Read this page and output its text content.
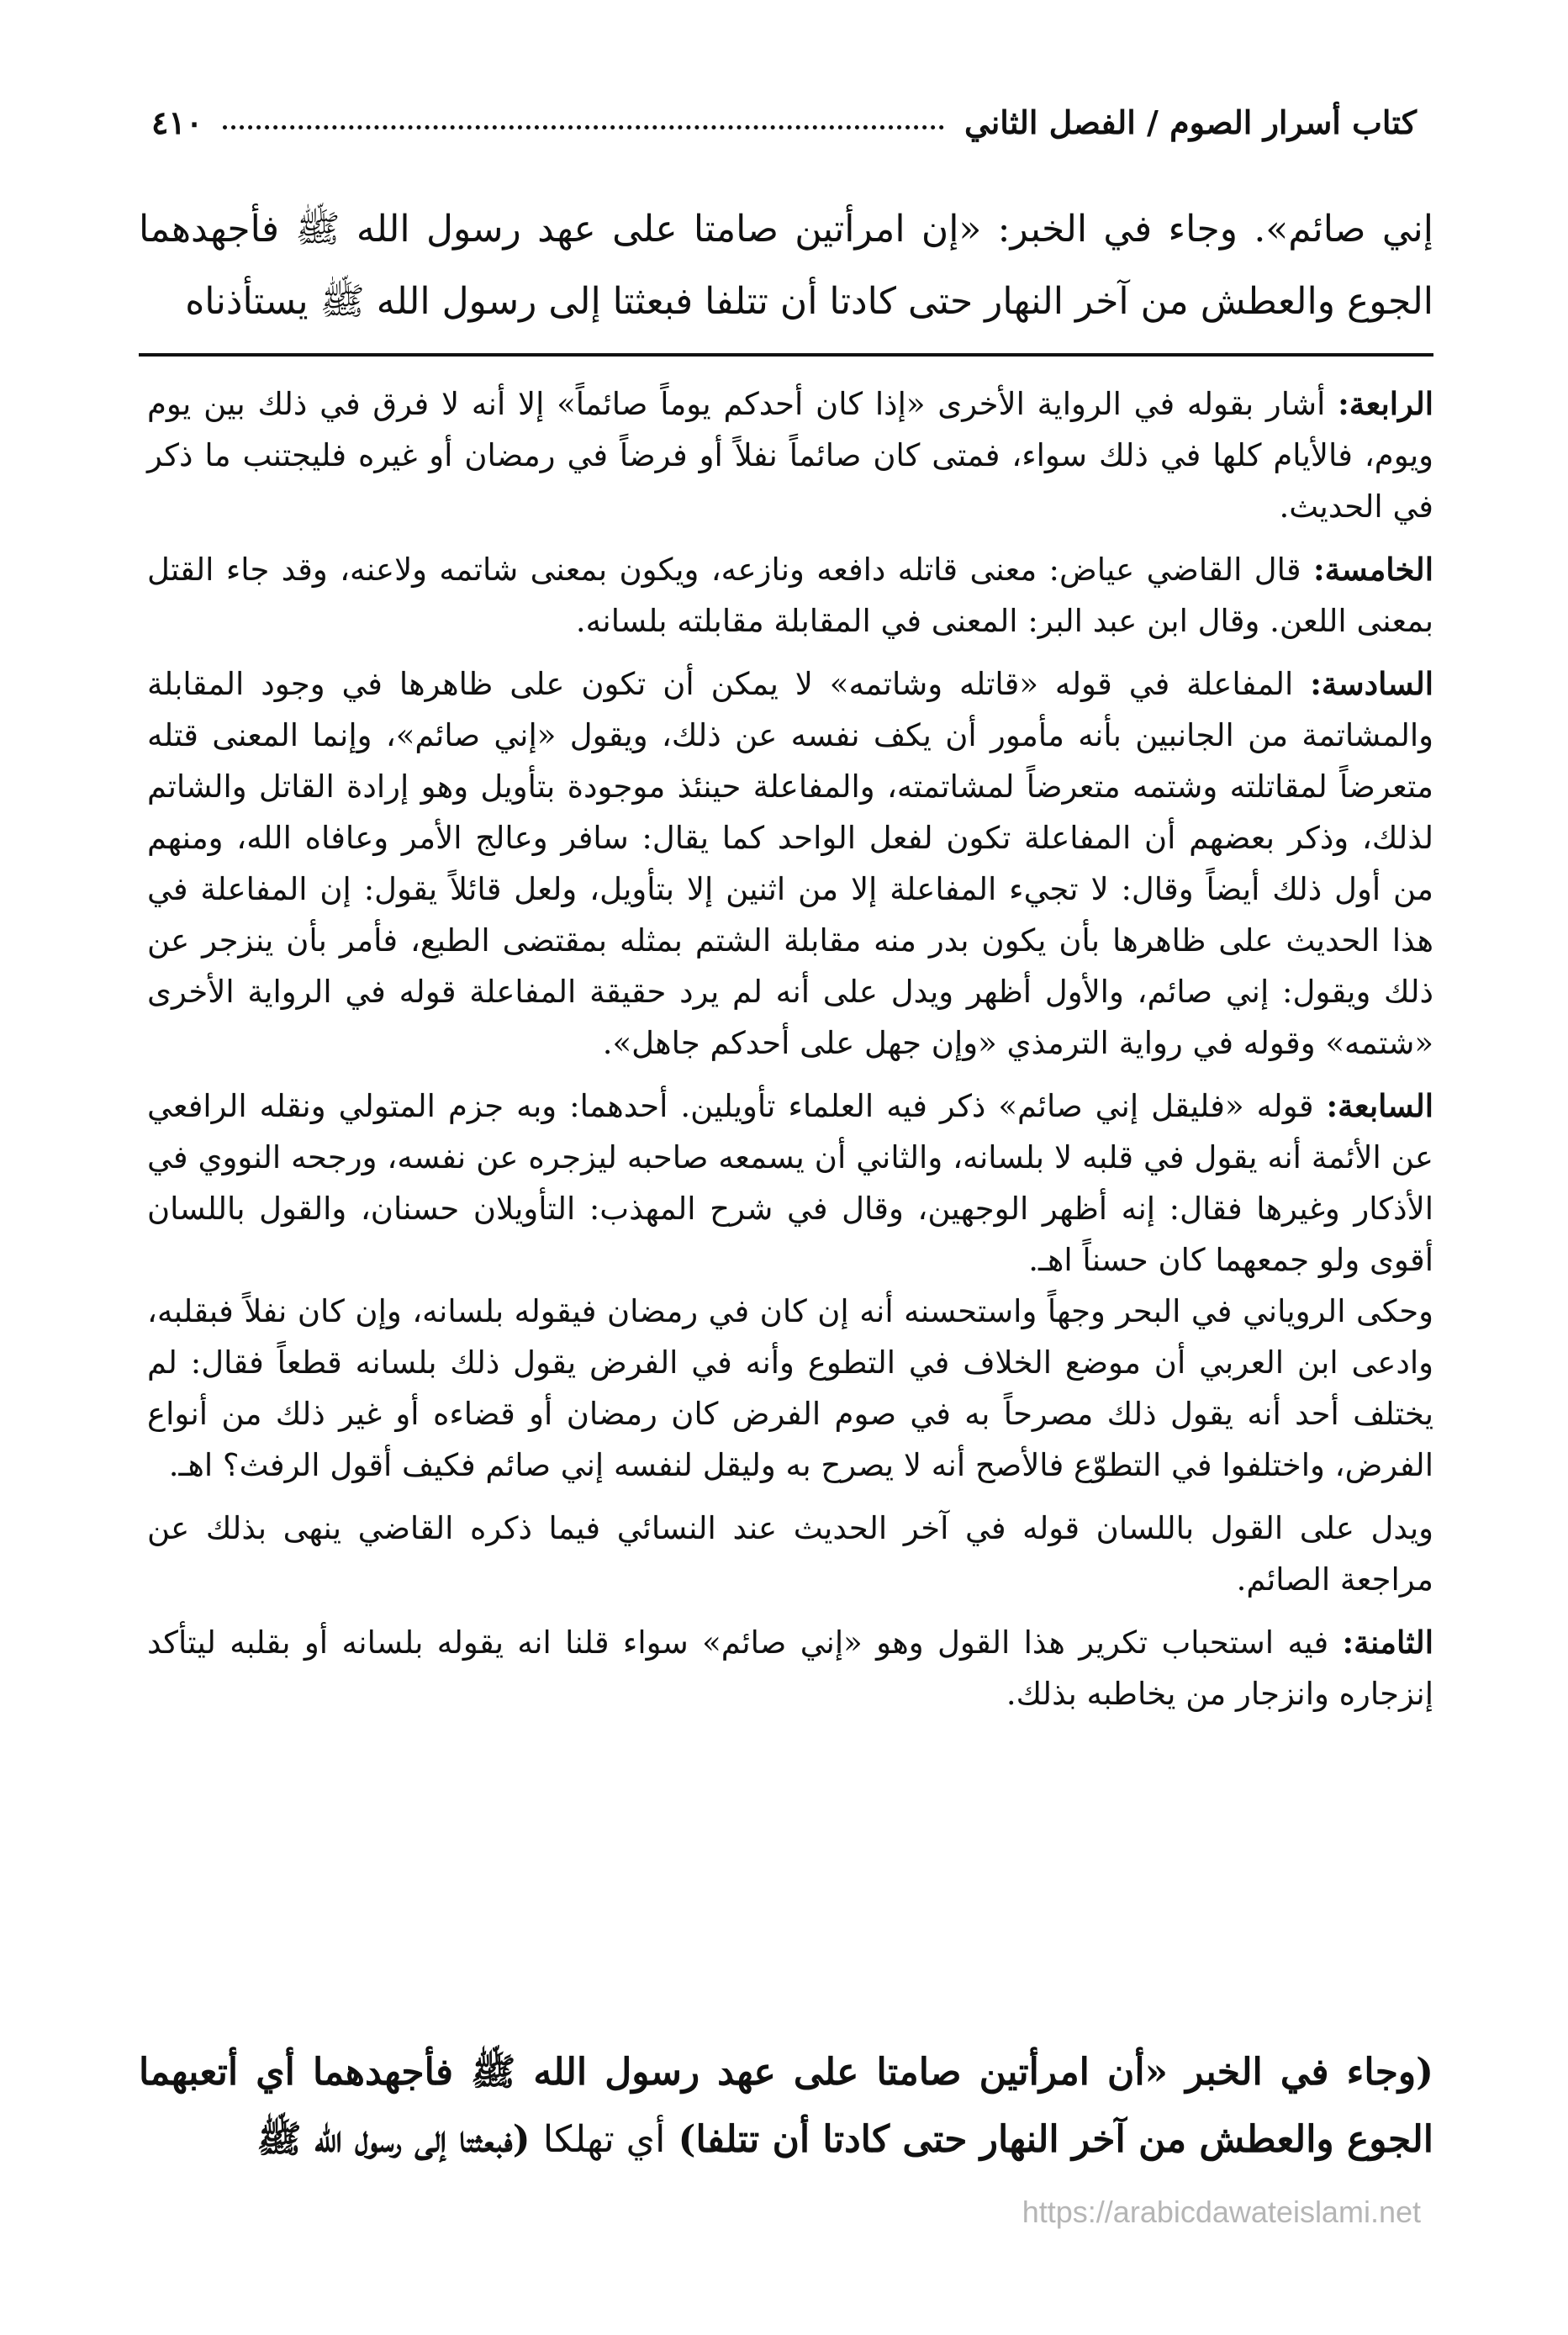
كتاب أسرار الصوم / الفصل الثاني
٤١٠
إني صائم». وجاء في الخبر: «إن امرأتين صامتا على عهد رسول الله ﷺ فأجهدهما الجوع والعطش من آخر النهار حتى كادتا أن تتلفا فبعثتا إلى رسول الله ﷺ يستأذناه

الرابعة: أشار بقوله في الرواية الأخرى «إذا كان أحدكم يوماً صائماً» إلا أنه لا فرق في ذلك بين يوم ويوم، فالأيام كلها في ذلك سواء، فمتى كان صائماً نفلاً أو فرضاً في رمضان أو غيره فليجتنب ما ذكر في الحديث.

الخامسة: قال القاضي عياض: معنى قاتله دافعه ونازعه، ويكون بمعنى شاتمه ولاعنه، وقد جاء القتل بمعنى اللعن. وقال ابن عبد البر: المعنى في المقابلة مقابلته بلسانه.

السادسة: المفاعلة في قوله «قاتله وشاتمه» لا يمكن أن تكون على ظاهرها في وجود المقابلة والمشاتمة من الجانبين بأنه مأمور أن يكف نفسه عن ذلك، ويقول «إني صائم»، وإنما المعنى قتله متعرضاً لمقاتلته وشتمه متعرضاً لمشاتمته، والمفاعلة حينئذ موجودة بتأويل وهو إرادة القاتل والشاتم لذلك، وذكر بعضهم أن المفاعلة تكون لفعل الواحد كما يقال: سافر وعالج الأمر وعافاه الله، ومنهم من أول ذلك أيضاً وقال: لا تجيء المفاعلة إلا من اثنين إلا بتأويل، ولعل قائلاً يقول: إن المفاعلة في هذا الحديث على ظاهرها بأن يكون بدر منه مقابلة الشتم بمثله بمقتضى الطبع، فأمر بأن ينزجر عن ذلك ويقول: إني صائم، والأول أظهر ويدل على أنه لم يرد حقيقة المفاعلة قوله في الرواية الأخرى «شتمه» وقوله في رواية الترمذي «وإن جهل على أحدكم جاهل».

السابعة: قوله «فليقل إني صائم» ذكر فيه العلماء تأويلين. أحدهما: وبه جزم المتولي ونقله الرافعي عن الأئمة أنه يقول في قلبه لا بلسانه، والثاني أن يسمعه صاحبه ليزجره عن نفسه، ورجحه النووي في الأذكار وغيرها فقال: إنه أظهر الوجهين، وقال في شرح المهذب: التأويلان حسنان، والقول باللسان أقوى ولو جمعهما كان حسناً اهـ.

وحكى الروياني في البحر وجهاً واستحسنه أنه إن كان في رمضان فيقوله بلسانه، وإن كان نفلاً فبقلبه، وادعى ابن العربي أن موضع الخلاف في التطوع وأنه في الفرض يقول ذلك بلسانه قطعاً فقال: لم يختلف أحد أنه يقول ذلك مصرحاً به في صوم الفرض كان رمضان أو قضاءه أو غير ذلك من أنواع الفرض، واختلفوا في التطوّع فالأصح أنه لا يصرح به وليقل لنفسه إني صائم فكيف أقول الرفث؟ اهـ.

ويدل على القول باللسان قوله في آخر الحديث عند النسائي فيما ذكره القاضي ينهى بذلك عن مراجعة الصائم.

الثامنة: فيه استحباب تكرير هذا القول وهو «إني صائم» سواء قلنا انه يقوله بلسانه أو بقلبه ليتأكد إنزجاره وانزجار من يخاطبه بذلك.

(وجاء في الخبر «أن امرأتين صامتا على عهد رسول الله ﷺ فأجهدهما أي أتعبهما الجوع والعطش من آخر النهار حتى كادتا أن تتلفا) أي تهلكا (فبعثتا إلى رسول الله ﷺ
https://arabicdawateislami.net
